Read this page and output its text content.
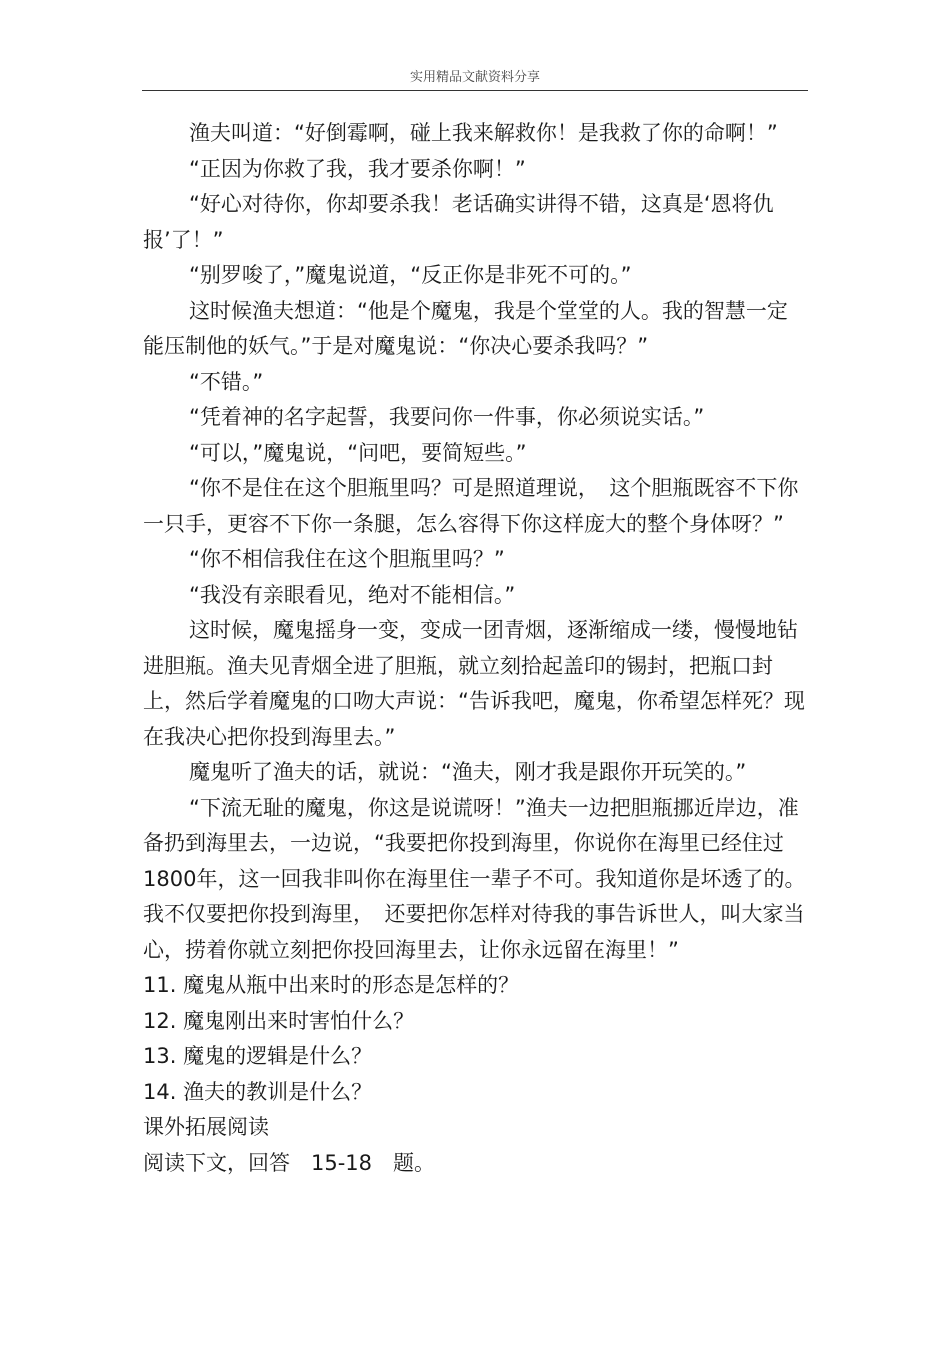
实用精品文献资料分享

渔夫叫道：“好倒霉啊，碰上我来解救你！是我救了你的命啊！”

“正因为你救了我，我才要杀你啊！”

“好心对待你，你却要杀我！老话确实讲得不错，这真是‘恩将仇报’了！”

“别罗唆了，”魔鬼说道，“反正你是非死不可的。”

这时候渔夫想道：“他是个魔鬼，我是个堂堂的人。我的智慧一定能压制他的妖气。”于是对魔鬼说：“你决心要杀我吗？”

“不错。”

“凭着神的名字起誓，我要问你一件事，你必须说实话。”

“可以，”魔鬼说，“问吧，要简短些。”

“你不是住在这个胆瓶里吗？可是照道理说，　这个胆瓶既容不下你一只手，更容不下你一条腿，怎么容得下你这样庞大的整个身体呀？”

“你不相信我住在这个胆瓶里吗？”

“我没有亲眼看见，绝对不能相信。”

这时候，魔鬼摇身一变，变成一团青烟，逐渐缩成一缕，慢慢地钻进胆瓶。渔夫见青烟全进了胆瓶，就立刻拾起盖印的锡封，把瓶口封上，然后学着魔鬼的口吻大声说：“告诉我吧，魔鬼，你希望怎样死？现在我决心把你投到海里去。”

魔鬼听了渔夫的话，就说：“渔夫，刚才我是跟你开玩笑的。”

“下流无耻的魔鬼，你这是说谎呀！”渔夫一边把胆瓶挪近岸边，准备扔到海里去，一边说，“我要把你投到海里，你说你在海里已经住过 1800年，这一回我非叫你在海里住一辈子不可。我知道你是坏透了的。我不仅要把你投到海里，　还要把你怎样对待我的事告诉世人，叫大家当心，捞着你就立刻把你投回海里去，让你永远留在海里！”

11. 魔鬼从瓶中出来时的形态是怎样的？

12. 魔鬼刚出来时害怕什么？

13. 魔鬼的逻辑是什么？

14. 渔夫的教训是什么？

课外拓展阅读

阅读下文，回答　15-18　题。
